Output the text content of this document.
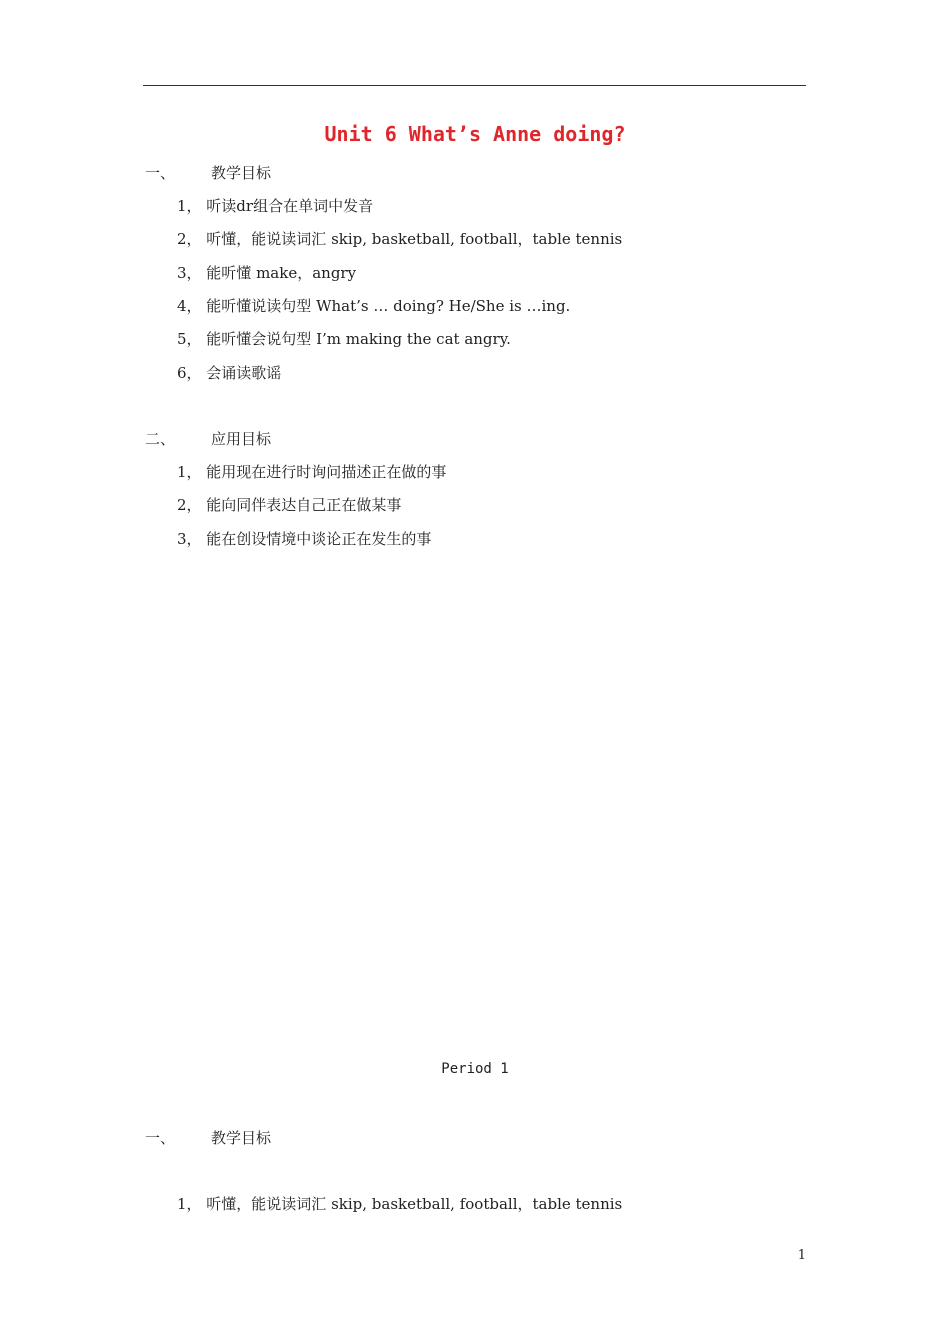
Unit 6 What’s Anne doing?
一、 教学目标
1， 听读dr组合在单词中发音
2， 听懂，能说读词汇 skip, basketball, football，table tennis
3， 能听懂 make，angry
4， 能听懂说读句型 What’s … doing? He/She is …ing.
5， 能听懂会说句型 I’m making the cat angry.
6， 会诵读歌谣
二、 应用目标
1， 能用现在进行时询问描述正在做的事
2， 能向同伴表达自己正在做某事
3， 能在创设情境中谈论正在发生的事
Period 1
一、 教学目标
1， 听懂，能说读词汇 skip, basketball, football，table tennis
1
